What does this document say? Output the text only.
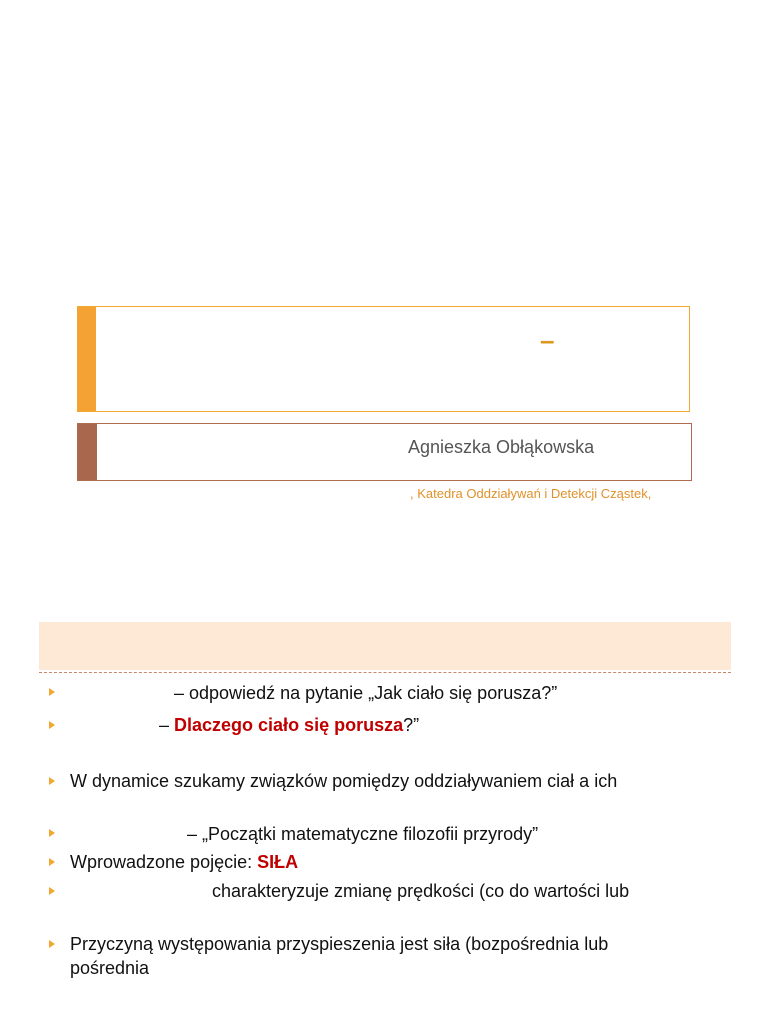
–
Agnieszka Obłąkowska
, Katedra Oddziaływań i Detekcji Cząstek,
– odpowiedź na pytanie „Jak ciało się porusza?”
– Dlaczego ciało się porusza?”
W dynamice szukamy związków pomiędzy oddziaływaniem ciał a ich
– „Początki matematyczne filozofii przyrody”
Wprowadzone pojęcie: SIŁA
charakteryzuje zmianę prędkości (co do wartości lub
Przyczyną występowania przyspieszenia jest siła (bozpośrednia lub
pośrednia
